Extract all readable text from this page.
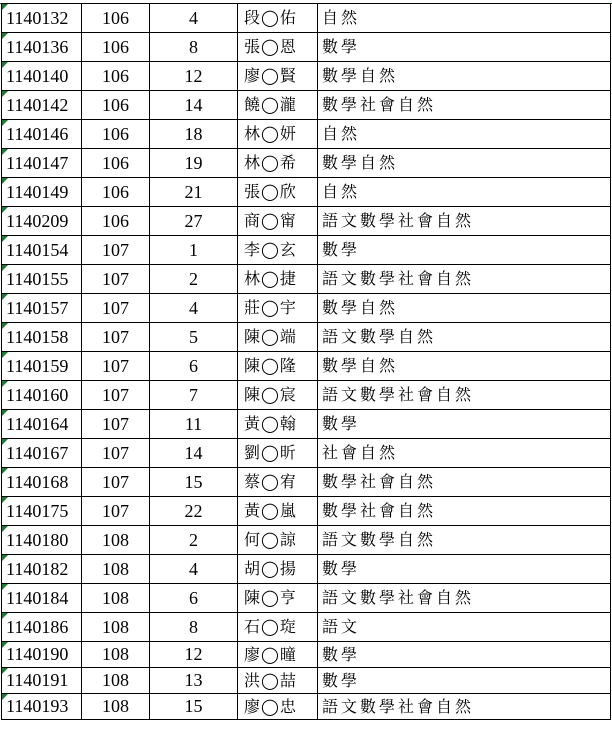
1140132	106	4	段◯佑	自然
1140136	106	8	張◯恩	數學
1140140	106	12	廖◯賢	數學自然
1140142	106	14	饒◯瀧	數學社會自然
1140146	106	18	林◯妍	自然
1140147	106	19	林◯希	數學自然
1140149	106	21	張◯欣	自然
1140209	106	27	商◯甯	語文數學社會自然
1140154	107	1	李◯玄	數學
1140155	107	2	林◯捷	語文數學社會自然
1140157	107	4	莊◯宇	數學自然
1140158	107	5	陳◯端	語文數學自然
1140159	107	6	陳◯隆	數學自然
1140160	107	7	陳◯宸	語文數學社會自然
1140164	107	11	黃◯翰	數學
1140167	107	14	劉◯昕	社會自然
1140168	107	15	蔡◯宥	數學社會自然
1140175	107	22	黃◯嵐	數學社會自然
1140180	108	2	何◯諒	語文數學自然
1140182	108	4	胡◯揚	數學
1140184	108	6	陳◯亨	語文數學社會自然
1140186	108	8	石◯琁	語文
1140190	108	12	廖◯曈	數學
1140191	108	13	洪◯喆	數學
1140193	108	15	廖◯忠	語文數學社會自然
